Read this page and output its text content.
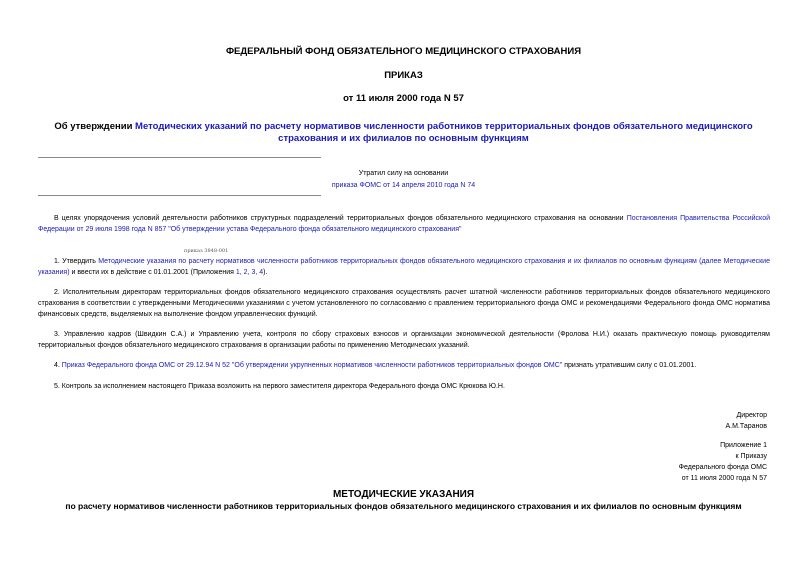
ФЕДЕРАЛЬНЫЙ ФОНД ОБЯЗАТЕЛЬНОГО МЕДИЦИНСКОГО СТРАХОВАНИЯ
ПРИКАЗ
от 11 июля 2000 года N 57
Об утверждении Методических указаний по расчету нормативов численности работников территориальных фондов обязательного медицинского страхования и их филиалов по основным функциям
Утратил силу на основании
приказа ФОМС от 14 апреля 2010 года N 74

В целях упорядочения условий деятельности работников структурных подразделений территориальных фондов обязательного медицинского страхования на основании Постановления Правительства Российской Федерации от 29 июля 1998 года N 857 "Об утверждении устава Федерального фонда обязательного медицинского страхования"

приказ 3848-001

1. Утвердить Методические указания по расчету нормативов численности работников территориальных фондов обязательного медицинского страхования и их филиалов по основным функциям (далее Методические указания) и ввести их в действие с 01.01.2001 (Приложения 1, 2, 3, 4).

2. Исполнительным директорам территориальных фондов обязательного медицинского страхования осуществлять расчет штатной численности работников территориальных фондов обязательного медицинского страхования в соответствии с утвержденными Методическими указаниями с учетом установленного по согласованию с правлением территориального фонда ОМС и рекомендациями Федерального фонда ОМС норматива финансовых средств, выделяемых на выполнение фондом управленческих функций.

3. Управлению кадров (Швидкин С.А.) и Управлению учета, контроля по сбору страховых взносов и организации экономической деятельности (Фролова Н.И.) оказать практическую помощь руководителям территориальных фондов обязательного медицинского страхования в организации работы по применению Методических указаний.

4. Приказ Федерального фонда ОМС от 29.12.94 N 52 "Об утверждении укрупненных нормативов численности работников территориальных фондов ОМС" признать утратившим силу с 01.01.2001.

5. Контроль за исполнением настоящего Приказа возложить на первого заместителя директора Федерального фонда ОМС Крюкова Ю.Н.

Директор
А.М.Таранов
Приложение 1
к Приказу
Федерального фонда ОМС
от 11 июля 2000 года N 57
МЕТОДИЧЕСКИЕ УКАЗАНИЯ
по расчету нормативов численности работников территориальных фондов обязательного медицинского страхования и их филиалов по основным функциям
